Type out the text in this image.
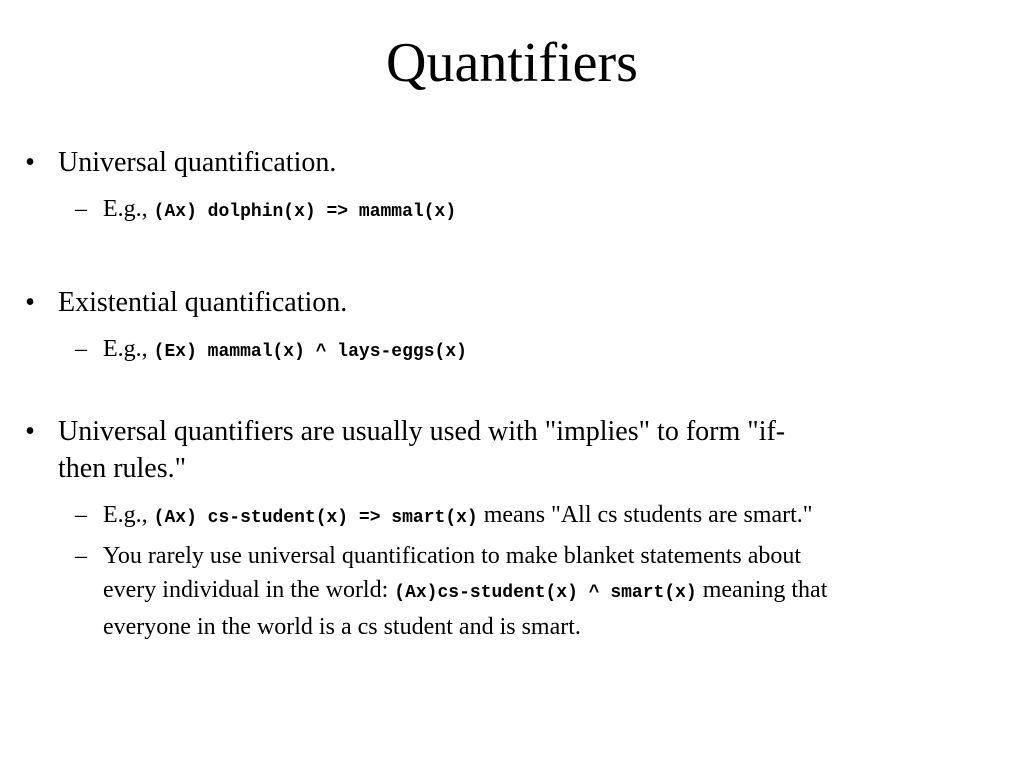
Quantifiers
• Universal quantification.
– E.g., (Ax) dolphin(x) => mammal(x)
• Existential quantification.
– E.g., (Ex) mammal(x) ^ lays-eggs(x)
• Universal quantifiers are usually used with "implies" to form "if-
then rules."
– E.g., (Ax) cs-student(x) => smart(x) means "All cs students are smart."
– You rarely use universal quantification to make blanket statements about
every individual in the world: (Ax)cs-student(x) ^ smart(x) meaning that
everyone in the world is a cs student and is smart.
